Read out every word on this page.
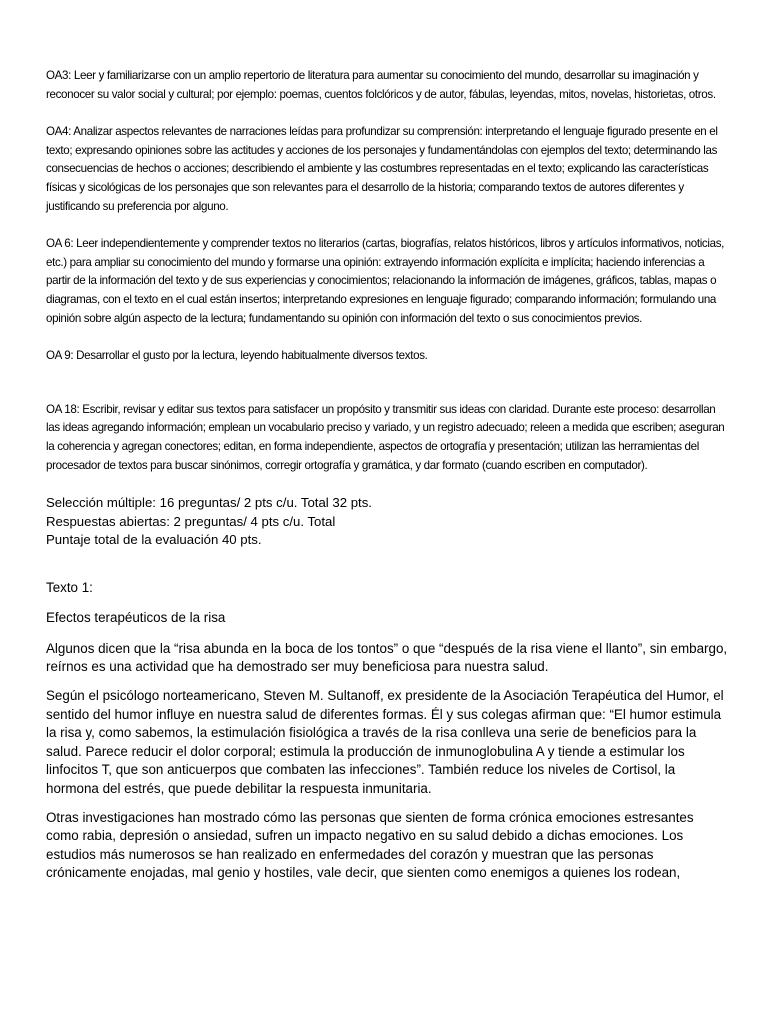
OA3: Leer y familiarizarse con un amplio repertorio de literatura para aumentar su conocimiento del mundo, desarrollar su imaginación y reconocer su valor social y cultural; por ejemplo: poemas, cuentos folclóricos y de autor, fábulas, leyendas, mitos, novelas, historietas, otros.

OA4: Analizar aspectos relevantes de narraciones leídas para profundizar su comprensión: interpretando el lenguaje figurado presente en el texto; expresando opiniones sobre las actitudes y acciones de los personajes y fundamentándolas con ejemplos del texto; determinando las consecuencias de hechos o acciones; describiendo el ambiente y las costumbres representadas en el texto; explicando las características físicas y sicológicas de los personajes que son relevantes para el desarrollo de la historia; comparando textos de autores diferentes y justificando su preferencia por alguno.

OA 6: Leer independientemente y comprender textos no literarios (cartas, biografías, relatos históricos, libros y artículos informativos, noticias, etc.) para ampliar su conocimiento del mundo y formarse una opinión: extrayendo información explícita e implícita; haciendo inferencias a partir de la información del texto y de sus experiencias y conocimientos; relacionando la información de imágenes, gráficos, tablas, mapas o diagramas, con el texto en el cual están insertos; interpretando expresiones en lenguaje figurado; comparando información; formulando una opinión sobre algún aspecto de la lectura; fundamentando su opinión con información del texto o sus conocimientos previos.

OA 9: Desarrollar el gusto por la lectura, leyendo habitualmente diversos textos.

OA 18: Escribir, revisar y editar sus textos para satisfacer un propósito y transmitir sus ideas con claridad. Durante este proceso: desarrollan las ideas agregando información; emplean un vocabulario preciso y variado, y un registro adecuado; releen a medida que escriben; aseguran la coherencia y agregan conectores; editan, en forma independiente, aspectos de ortografía y presentación; utilizan las herramientas del procesador de textos para buscar sinónimos, corregir ortografía y gramática, y dar formato (cuando escriben en computador).

Selección múltiple: 16 preguntas/ 2 pts c/u. Total 32 pts.
Respuestas abiertas: 2 preguntas/ 4 pts c/u. Total
Puntaje total de la evaluación 40 pts.

Texto 1:

Efectos terapéuticos de la risa

Algunos dicen que la “risa abunda en la boca de los tontos” o que “después de la risa viene el llanto”, sin embargo, reírnos es una actividad que ha demostrado ser muy beneficiosa para nuestra salud.

Según el psicólogo norteamericano, Steven M. Sultanoff, ex presidente de la Asociación Terapéutica del Humor, el sentido del humor influye en nuestra salud de diferentes formas. Él y sus colegas afirman que: “El humor estimula la risa y, como sabemos, la estimulación fisiológica a través de la risa conlleva una serie de beneficios para la salud. Parece reducir el dolor corporal; estimula la producción de inmunoglobulina A y tiende a estimular los linfocitos T, que son anticuerpos que combaten las infecciones”. También reduce los niveles de Cortisol, la hormona del estrés, que puede debilitar la respuesta inmunitaria.

Otras investigaciones han mostrado cómo las personas que sienten de forma crónica emociones estresantes como rabia, depresión o ansiedad, sufren un impacto negativo en su salud debido a dichas emociones. Los estudios más numerosos se han realizado en enfermedades del corazón y muestran que las personas crónicamente enojadas, mal genio y hostiles, vale decir, que sienten como enemigos a quienes los rodean,
